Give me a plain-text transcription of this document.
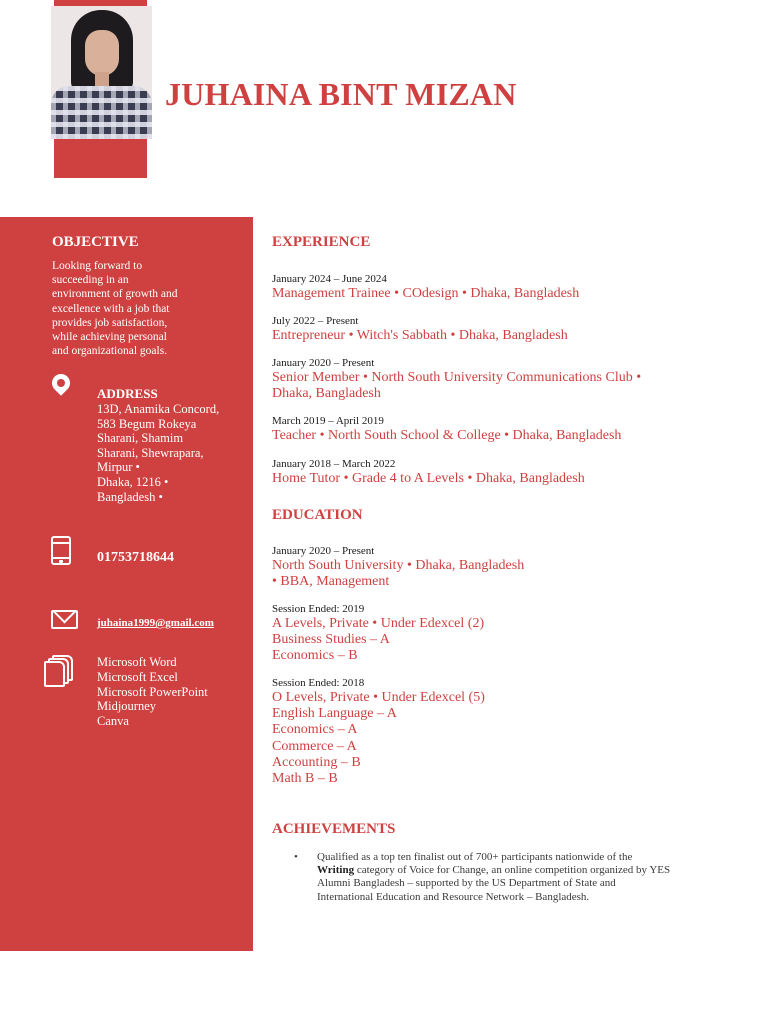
JUHAINA BINT MIZAN
OBJECTIVE
Looking forward to
succeeding in an
environment of growth and
excellence with a job that
provides job satisfaction,
while achieving personal
and organizational goals.
ADDRESS
13D, Anamika Concord,
583 Begum Rokeya
Sharani, Shamim
Sharani, Shewrapara,
Mirpur •
Dhaka, 1216 •
Bangladesh •
01753718644
juhaina1999@gmail.com
Microsoft Word
Microsoft Excel
Microsoft PowerPoint
Midjourney
Canva
EXPERIENCE
January 2024 – June 2024
Management Trainee • COdesign • Dhaka, Bangladesh
July 2022 – Present
Entrepreneur • Witch's Sabbath • Dhaka, Bangladesh
January 2020 – Present
Senior Member • North South University Communications Club •
Dhaka, Bangladesh
March 2019 – April 2019
Teacher • North South School & College • Dhaka, Bangladesh
January 2018 – March 2022
Home Tutor • Grade 4 to A Levels • Dhaka, Bangladesh
EDUCATION
January 2020 – Present
North South University • Dhaka, Bangladesh
• BBA, Management
Session Ended: 2019
A Levels, Private • Under Edexcel (2)
Business Studies – A
Economics – B
Session Ended: 2018
O Levels, Private • Under Edexcel (5)
English Language – A
Economics – A
Commerce – A
Accounting – B
Math B – B
ACHIEVEMENTS
• Qualified as a top ten finalist out of 700+ participants nationwide of the
Writing category of Voice for Change, an online competition organized by YES
Alumni Bangladesh – supported by the US Department of State and
International Education and Resource Network – Bangladesh.
